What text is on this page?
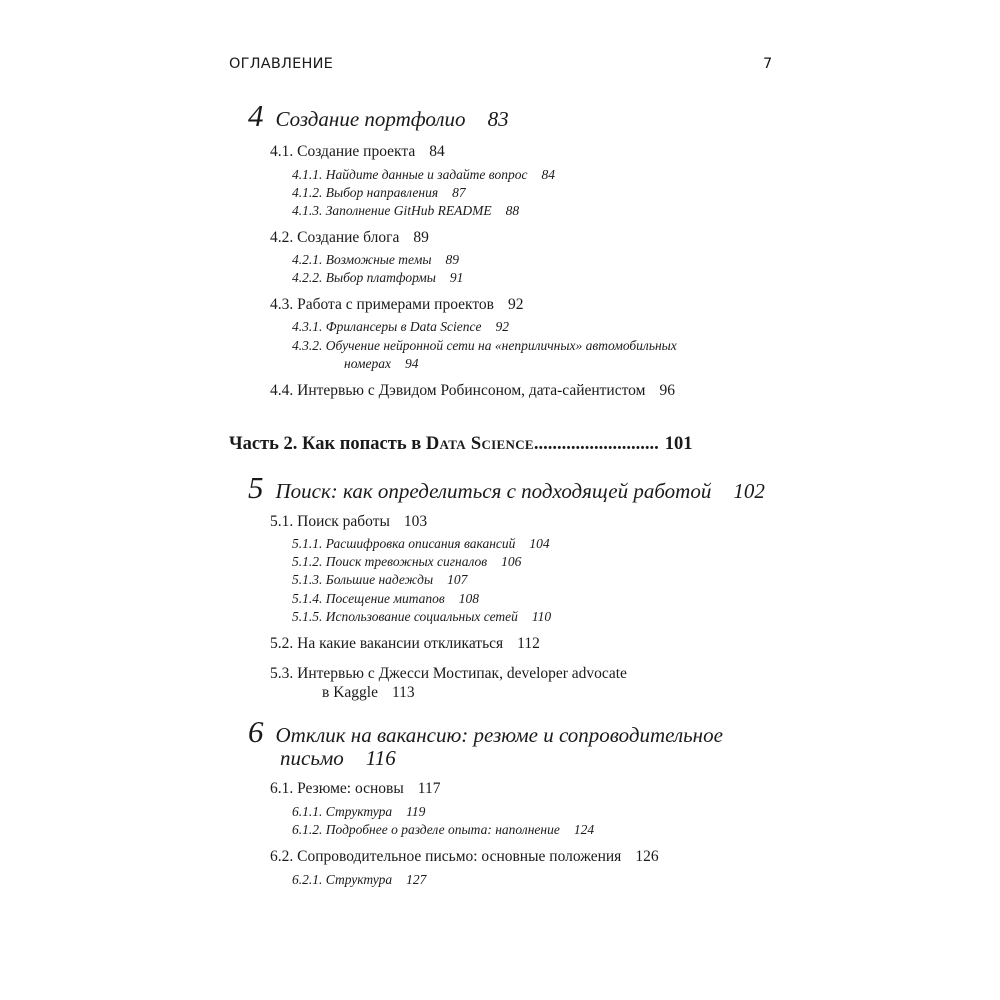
ОГЛАВЛЕНИЕ	7
4 Создание портфолио 83
4.1. Создание проекта 84
4.1.1. Найдите данные и задайте вопрос 84
4.1.2. Выбор направления 87
4.1.3. Заполнение GitHub README 88
4.2. Создание блога 89
4.2.1. Возможные темы 89
4.2.2. Выбор платформы 91
4.3. Работа с примерами проектов 92
4.3.1. Фрилансеры в Data Science 92
4.3.2. Обучение нейронной сети на «неприличных» автомобильных
номерах 94
4.4. Интервью с Дэвидом Робинсоном, дата-сайентистом 96
Часть 2. Как попасть в Data Science........................... 101
5 Поиск: как определиться с подходящей работой 102
5.1. Поиск работы 103
5.1.1. Расшифровка описания вакансий 104
5.1.2. Поиск тревожных сигналов 106
5.1.3. Большие надежды 107
5.1.4. Посещение митапов 108
5.1.5. Использование социальных сетей 110
5.2. На какие вакансии откликаться 112
5.3. Интервью с Джесси Мостипак, developer advocate
в Kaggle 113
6 Отклик на вакансию: резюме и сопроводительное
письмо 116
6.1. Резюме: основы 117
6.1.1. Структура 119
6.1.2. Подробнее о разделе опыта: наполнение 124
6.2. Сопроводительное письмо: основные положения 126
6.2.1. Структура 127
